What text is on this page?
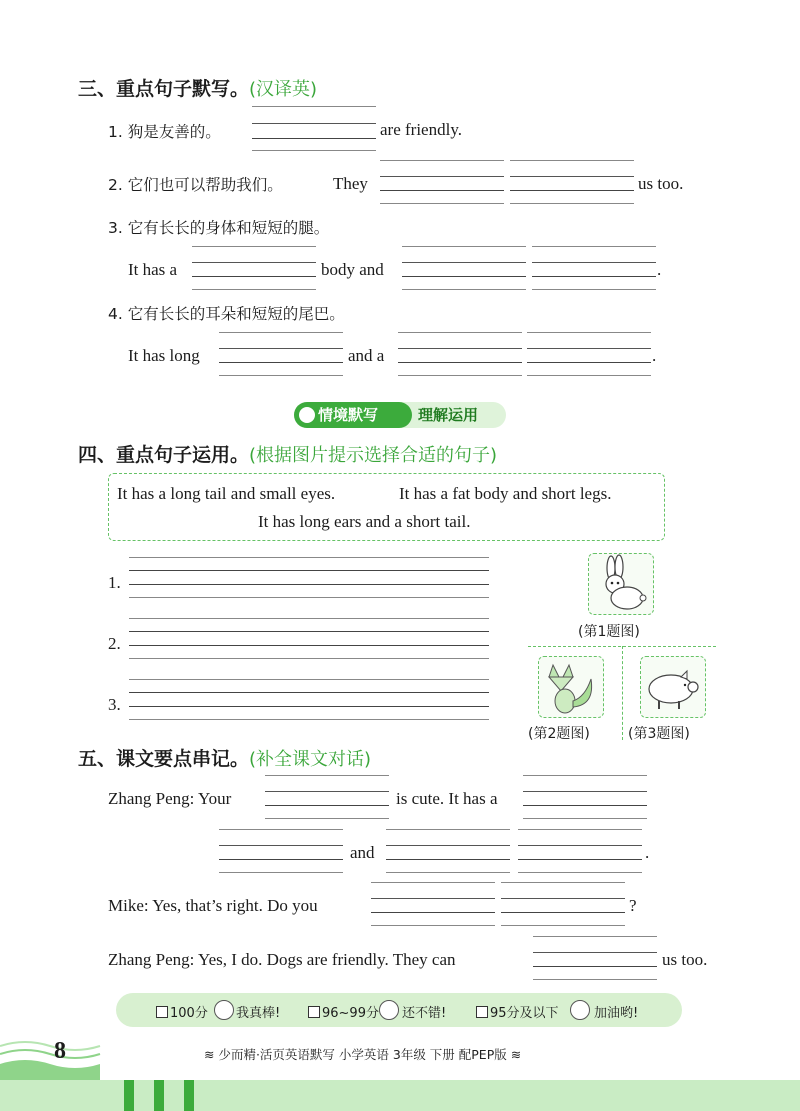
三、重点句子默写。(汉译英)
1. 狗是友善的。	are friendly.
2. 它们也可以帮助我们。	They	us too.
3. 它有长长的身体和短短的腿。
It has a	body and	.
4. 它有长长的耳朵和短短的尾巴。
It has long	and a	.
情境默写	理解运用
四、重点句子运用。(根据图片提示选择合适的句子)
It has a long tail and small eyes.	It has a fat body and short legs.
It has long ears and a short tail.
1.
2.
3.
(第1题图)
(第2题图)	(第3题图)
五、课文要点串记。(补全课文对话)
Zhang Peng: Your	is cute. It has a
and	.
Mike: Yes, that’s right. Do you	?
Zhang Peng: Yes, I do. Dogs are friendly. They can	us too.
100分 我真棒!	96~99分 还不错!	95分及以下	加油哟!
8	≋ 少而精·活页英语默写 小学英语 3年级 下册 配PEP版 ≋
